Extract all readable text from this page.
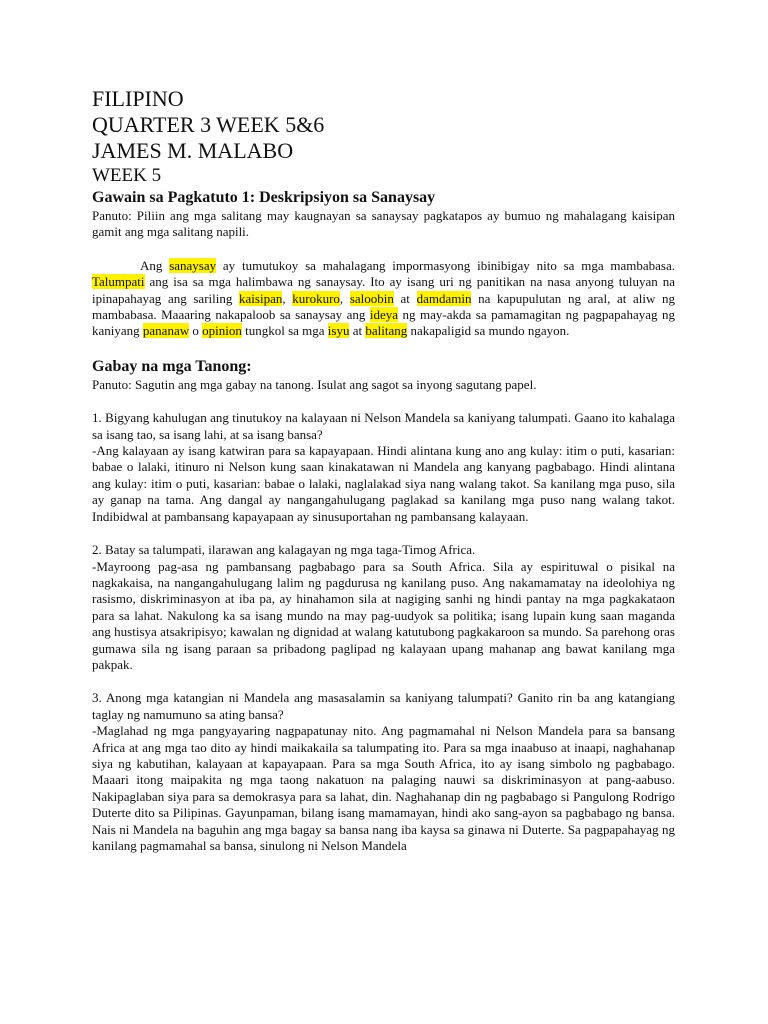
FILIPINO
QUARTER 3 WEEK 5&6
JAMES M. MALABO
WEEK 5
Gawain sa Pagkatuto 1: Deskripsiyon sa Sanaysay

Panuto: Piliin ang mga salitang may kaugnayan sa sanaysay pagkatapos ay bumuo ng mahalagang kaisipan gamit ang mga salitang napili.

Ang sanaysay ay tumutukoy sa mahalagang impormasyong ibinibigay nito sa mga mambabasa. Talumpati ang isa sa mga halimbawa ng sanaysay. Ito ay isang uri ng panitikan na nasa anyong tuluyan na ipinapahayag ang sariling kaisipan, kurokuro, saloobin at damdamin na kapupulutan ng aral, at aliw ng mambabasa. Maaaring nakapaloob sa sanaysay ang ideya ng may-akda sa pamamagitan ng pagpapahayag ng kaniyang pananaw o opinion tungkol sa mga isyu at balitang nakapaligid sa mundo ngayon.

Gabay na mga Tanong:

Panuto: Sagutin ang mga gabay na tanong. Isulat ang sagot sa inyong sagutang papel.

1. Bigyang kahulugan ang tinutukoy na kalayaan ni Nelson Mandela sa kaniyang talumpati. Gaano ito kahalaga sa isang tao, sa isang lahi, at sa isang bansa?

-Ang kalayaan ay isang katwiran para sa kapayapaan. Hindi alintana kung ano ang kulay: itim o puti, kasarian: babae o lalaki, itinuro ni Nelson kung saan kinakatawan ni Mandela ang kanyang pagbabago. Hindi alintana ang kulay: itim o puti, kasarian: babae o lalaki, naglalakad siya nang walang takot. Sa kanilang mga puso, sila ay ganap na tama. Ang dangal ay nangangahulugang paglakad sa kanilang mga puso nang walang takot. Indibidwal at pambansang kapayapaan ay sinusuportahan ng pambansang kalayaan.

2. Batay sa talumpati, ilarawan ang kalagayan ng mga taga-Timog Africa.

-Mayroong pag-asa ng pambansang pagbabago para sa South Africa. Sila ay espirituwal o pisikal na nagkakaisa, na nangangahulugang lalim ng pagdurusa ng kanilang puso. Ang nakamamatay na ideolohiya ng rasismo, diskriminasyon at iba pa, ay hinahamon sila at nagiging sanhi ng hindi pantay na mga pagkakataon para sa lahat. Nakulong ka sa isang mundo na may pag-uudyok sa politika; isang lupain kung saan maganda ang hustisya atsakripisyo; kawalan ng dignidad at walang katutubong pagkakaroon sa mundo. Sa parehong oras gumawa sila ng isang paraan sa pribadong paglipad ng kalayaan upang mahanap ang bawat kanilang mga pakpak.

3. Anong mga katangian ni Mandela ang masasalamin sa kaniyang talumpati? Ganito rin ba ang katangiang taglay ng namumuno sa ating bansa?

-Maglahad ng mga pangyayaring nagpapatunay nito. Ang pagmamahal ni Nelson Mandela para sa bansang Africa at ang mga tao dito ay hindi maikakaila sa talumpating ito. Para sa mga inaabuso at inaapi, naghahanap siya ng kabutihan, kalayaan at kapayapaan. Para sa mga South Africa, ito ay isang simbolo ng pagbabago. Maaari itong maipakita ng mga taong nakatuon na palaging nauwi sa diskriminasyon at pang-aabuso. Nakipaglaban siya para sa demokrasya para sa lahat, din. Naghahanap din ng pagbabago si Pangulong Rodrigo Duterte dito sa Pilipinas. Gayunpaman, bilang isang mamamayan, hindi ako sang-ayon sa pagbabago ng bansa. Nais ni Mandela na baguhin ang mga bagay sa bansa nang iba kaysa sa ginawa ni Duterte. Sa pagpapahayag ng kanilang pagmamahal sa bansa, sinulong ni Nelson Mandela
